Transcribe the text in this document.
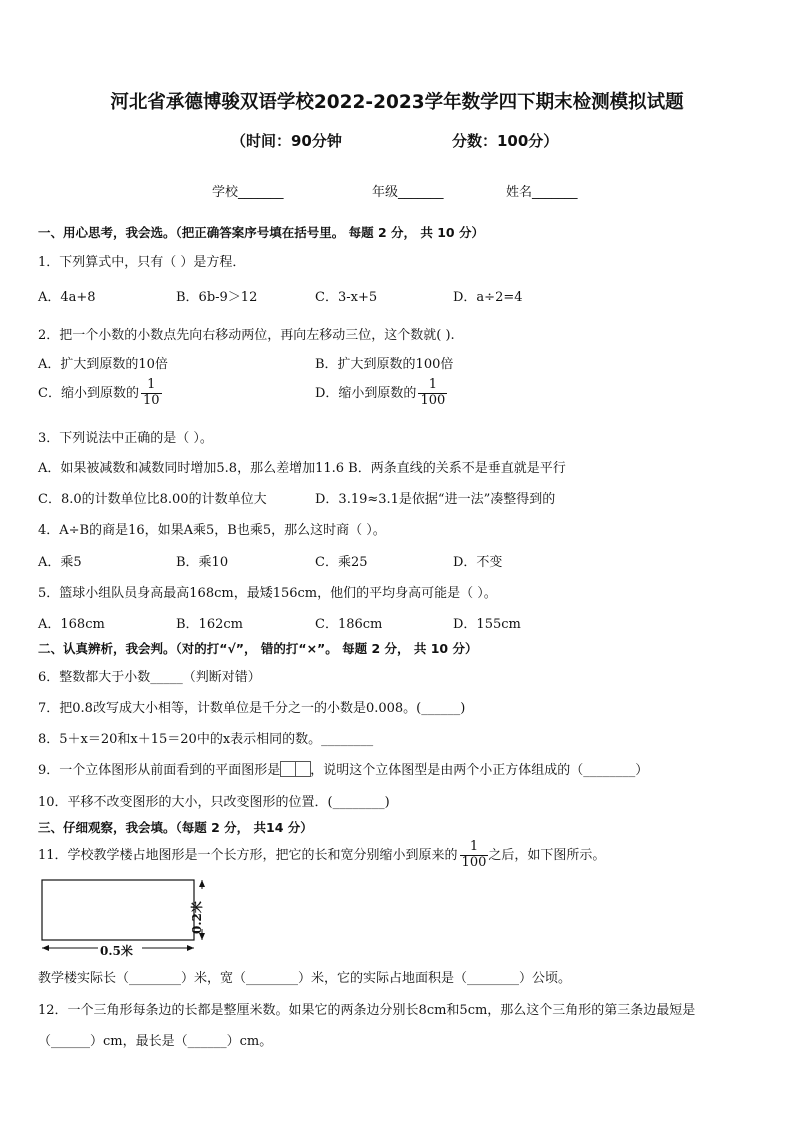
河北省承德博骏双语学校2022-2023学年数学四下期末检测模拟试题
（时间：90分钟	分数：100分）
学校_______	年级_______	姓名_______
一、用心思考，我会选。（把正确答案序号填在括号里。 每题 2 分， 共 10 分）
1．下列算式中，只有（ ）是方程．
A．4a+8	B．6b-9＞12	C．3-x+5	D．a÷2=4
2．把一个小数的小数点先向右移动两位，再向左移动三位，这个数就( ).
A．扩大到原数的10倍	B．扩大到原数的100倍
C．缩小到原数的 $\frac{1}{10}$	D．缩小到原数的 $\frac{1}{100}$
3．下列说法中正确的是（ ）。
A．如果被减数和减数同时增加5.8，那么差增加11.6 B．两条直线的关系不是垂直就是平行
C．8.0的计数单位比8.00的计数单位大	D．3.19≈3.1是依据“进一法”凑整得到的
4．A÷B的商是16，如果A乘5，B也乘5，那么这时商（ ）。
A．乘5	B．乘10	C．乘25	D．不变
5．篮球小组队员身高最高168cm，最矮156cm，他们的平均身高可能是（ ）。
A．168cm	B．162cm	C．186cm	D．155cm
二、认真辨析，我会判。（对的打“√”， 错的打“×”。 每题 2 分， 共 10 分）
6．整数都大于小数_____（判断对错）
7．把0.8改写成大小相等，计数单位是千分之一的小数是0.008。(______)
8．5＋x＝20和x＋15＝20中的x表示相同的数。________
9．一个立体图形从前面看到的平面图形是 ，说明这个立体图型是由两个小正方体组成的（________）
10．平移不改变图形的大小，只改变图形的位置．(________)
三、仔细观察，我会填。（每题 2 分， 共14 分）
11．学校教学楼占地图形是一个长方形，把它的长和宽分别缩小到原来的 $\frac{1}{100}$ 之后，如下图所示。
0.5米
0.2米
教学楼实际长（________）米，宽（________）米，它的实际占地面积是（________）公顷。
12．一个三角形每条边的长都是整厘米数。如果它的两条边分别长8cm和5cm，那么这个三角形的第三条边最短是
（______）cm，最长是（______）cm。
